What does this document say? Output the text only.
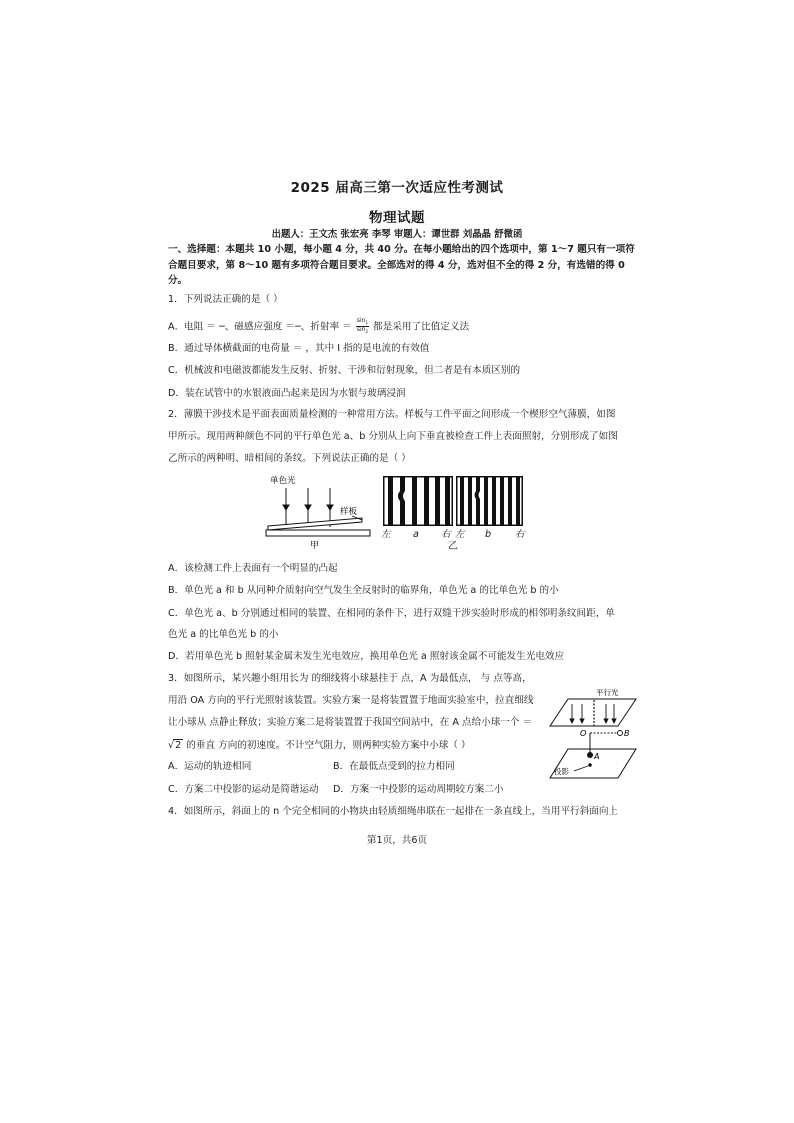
2025 届高三第一次适应性考测试
物理试题
出题人：王文杰 张宏亮 李琴 审题人：谭世群 刘晶晶 舒微函
一、选择题：本题共 10 小题，每小题 4 分，共 40 分。在每小题给出的四个选项中，第 1～7 题只有一项符
合题目要求，第 8～10 题有多项符合题目要求。全部选对的得 4 分，选对但不全的得 2 分，有选错的得 0
分。
1．下列说法正确的是（ ）
A．电阻 ＝ ─、磁感应强度 ＝─、折射率 ＝ $\frac{\sin_1}{\sin_2}$ 都是采用了比值定义法
B．通过导体横截面的电荷量 ＝ ，其中 I 指的是电流的有效值
C．机械波和电磁波都能发生反射、折射、干涉和衍射现象，但二者是有本质区别的
D．装在试管中的水银液面凸起来是因为水银与玻璃浸润
2．薄膜干涉技术是平面表面质量检测的一种常用方法。样板与工件平面之间形成一个楔形空气薄膜，如图
甲所示。现用两种颜色不同的平行单色光 a、b 分别从上向下垂直被检查工件上表面照射，分别形成了如图
乙所示的两种明、暗相间的条纹。下列说法正确的是（ ）
单色光
样板
甲
左 a 右 左 b 右
乙
A．该检测工件上表面有一个明显的凸起
B．单色光 a 和 b 从同种介质射向空气发生全反射时的临界角，单色光 a 的比单色光 b 的小
C．单色光 a、b 分别通过相同的装置、在相同的条件下，进行双缝干涉实验时形成的相邻明条纹间距，单
色光 a 的比单色光 b 的小
D．若用单色光 b 照射某金属未发生光电效应，换用单色光 a 照射该金属不可能发生光电效应
3．如图所示，某兴趣小组用长为 的细线将小球悬挂于 点，A 为最低点， 与 点等高，
用沿 OA 方向的平行光照射该装置。实验方案一是将装置置于地面实验室中，拉直细线
让小球从 点静止释放；实验方案二是将装置置于我国空间站中，在 A 点给小球一个 ＝
√2 的垂直 方向的初速度。不计空气阻力，则两种实验方案中小球（ ）
A．运动的轨迹相同	B．在最低点受到的拉力相同
C．方案二中投影的运动是简谐运动 D．方案一中投影的运动周期较方案二小
平行光
O	B
A
投影
4．如图所示，斜面上的 n 个完全相同的小物块由轻质细绳串联在一起排在一条直线上，当用平行斜面向上
第1页，共6页
